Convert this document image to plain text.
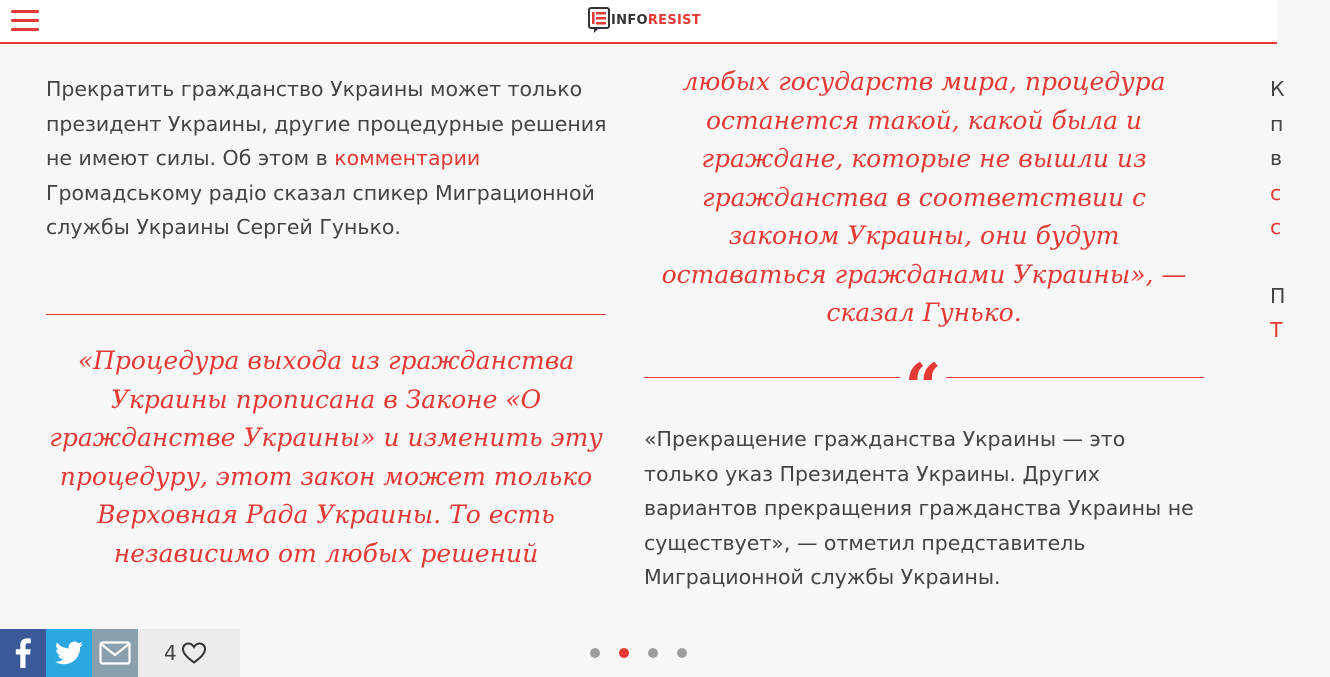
INFORESIST

Прекратить гражданство Украины может только президент Украины, другие процедурные решения не имеют силы. Об этом в комментарии Громадському радіо сказал спикер Миграционной службы Украины Сергей Гунько.

«Процедура выхода из гражданства Украины прописана в Законе «О гражданстве Украины» и изменить эту процедуру, этот закон может только Верховная Рада Украины. То есть независимо от любых решений

любых государств мира, процедура останется такой, какой была и граждане, которые не вышли из гражданства в соответствии с законом Украины, они будут оставаться гражданами Украины», — сказал Гунько.

“

«Прекращение гражданства Украины — это только указ Президента Украины. Других вариантов прекращения гражданства Украины не существует», — отметил представитель Миграционной службы Украины.

К
п
в
с
с
П
Т
4
